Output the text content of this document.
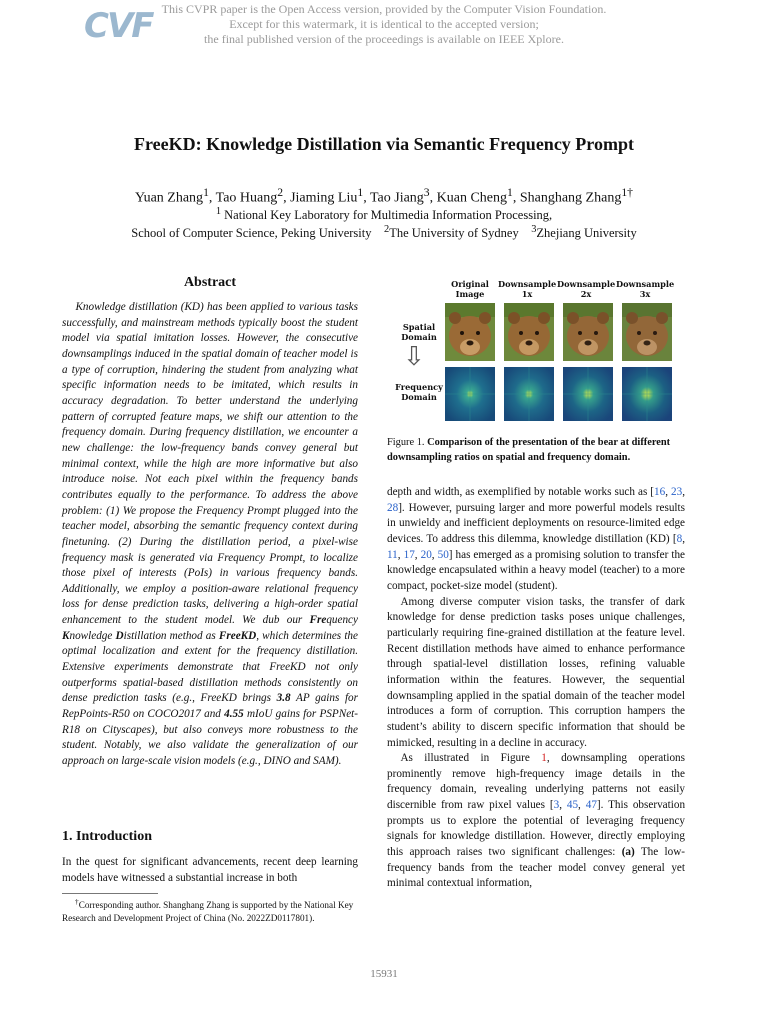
CVF This CVPR paper is the Open Access version, provided by the Computer Vision Foundation.
Except for this watermark, it is identical to the accepted version;
the final published version of the proceedings is available on IEEE Xplore.
FreeKD: Knowledge Distillation via Semantic Frequency Prompt
Yuan Zhang$^1$, Tao Huang$^2$, Jiaming Liu$^1$, Tao Jiang$^3$, Kuan Cheng$^1$, Shanghang Zhang$^{1\dagger}$
$^1$ National Key Laboratory for Multimedia Information Processing,
School of Computer Science, Peking University $^2$The University of Sydney $^3$Zhejiang University
Abstract
Knowledge distillation (KD) has been applied to various tasks successfully, and mainstream methods typically boost the student model via spatial imitation losses. However, the consecutive downsamplings induced in the spatial domain of teacher model is a type of corruption, hindering the student from analyzing what specific information needs to be imitated, which results in accuracy degradation. To better understand the underlying pattern of corrupted feature maps, we shift our attention to the frequency domain. During frequency distillation, we encounter a new challenge: the low-frequency bands convey general but minimal context, while the high are more informative but also introduce noise. Not each pixel within the frequency bands contributes equally to the performance. To address the above problem: (1) We propose the Frequency Prompt plugged into the teacher model, absorbing the semantic frequency context during finetuning. (2) During the distillation period, a pixel-wise frequency mask is generated via Frequency Prompt, to localize those pixel of interests (PoIs) in various frequency bands. Additionally, we employ a position-aware relational frequency loss for dense prediction tasks, delivering a high-order spatial enhancement to the student model. We dub our Frequency Knowledge Distillation method as FreeKD, which determines the optimal localization and extent for the frequency distillation. Extensive experiments demonstrate that FreeKD not only outperforms spatial-based distillation methods consistently on dense prediction tasks (e.g., FreeKD brings 3.8 AP gains for RepPoints-R50 on COCO2017 and 4.55 mIoU gains for PSPNet-R18 on Cityscapes), but also conveys more robustness to the student. Notably, we also validate the generalization of our approach on large-scale vision models (e.g., DINO and SAM).
1. Introduction
In the quest for significant advancements, recent deep learning models have witnessed a substantial increase in both
†Corresponding author. Shanghang Zhang is supported by the National Key Research and Development Project of China (No. 2022ZD0117801).
Original
Image
Downsample
1x
Downsample
2x
Downsample
3x
Spatial
Domain
⇩
Frequency
Domain
Figure 1. Comparison of the presentation of the bear at different downsampling ratios on spatial and frequency domain.
depth and width, as exemplified by notable works such as [16, 23, 28]. However, pursuing larger and more powerful models results in unwieldy and inefficient deployments on resource-limited edge devices. To address this dilemma, knowledge distillation (KD) [8, 11, 17, 20, 50] has emerged as a promising solution to transfer the knowledge encapsulated within a heavy model (teacher) to a more compact, pocket-size model (student).
Among diverse computer vision tasks, the transfer of dark knowledge for dense prediction tasks poses unique challenges, particularly requiring fine-grained distillation at the feature level. Recent distillation methods have aimed to enhance performance through spatial-level distillation losses, refining valuable information within the features. However, the sequential downsampling applied in the spatial domain of the teacher model introduces a form of corruption. This corruption hampers the student’s ability to discern specific information that should be mimicked, resulting in a decline in accuracy.
As illustrated in Figure 1, downsampling operations prominently remove high-frequency image details in the frequency domain, revealing underlying patterns not easily discernible from raw pixel values [3, 45, 47]. This observation prompts us to explore the potential of leveraging frequency signals for knowledge distillation. However, directly employing this approach raises two significant challenges: (a) The low-frequency bands from the teacher model convey general yet minimal contextual information,
15931
